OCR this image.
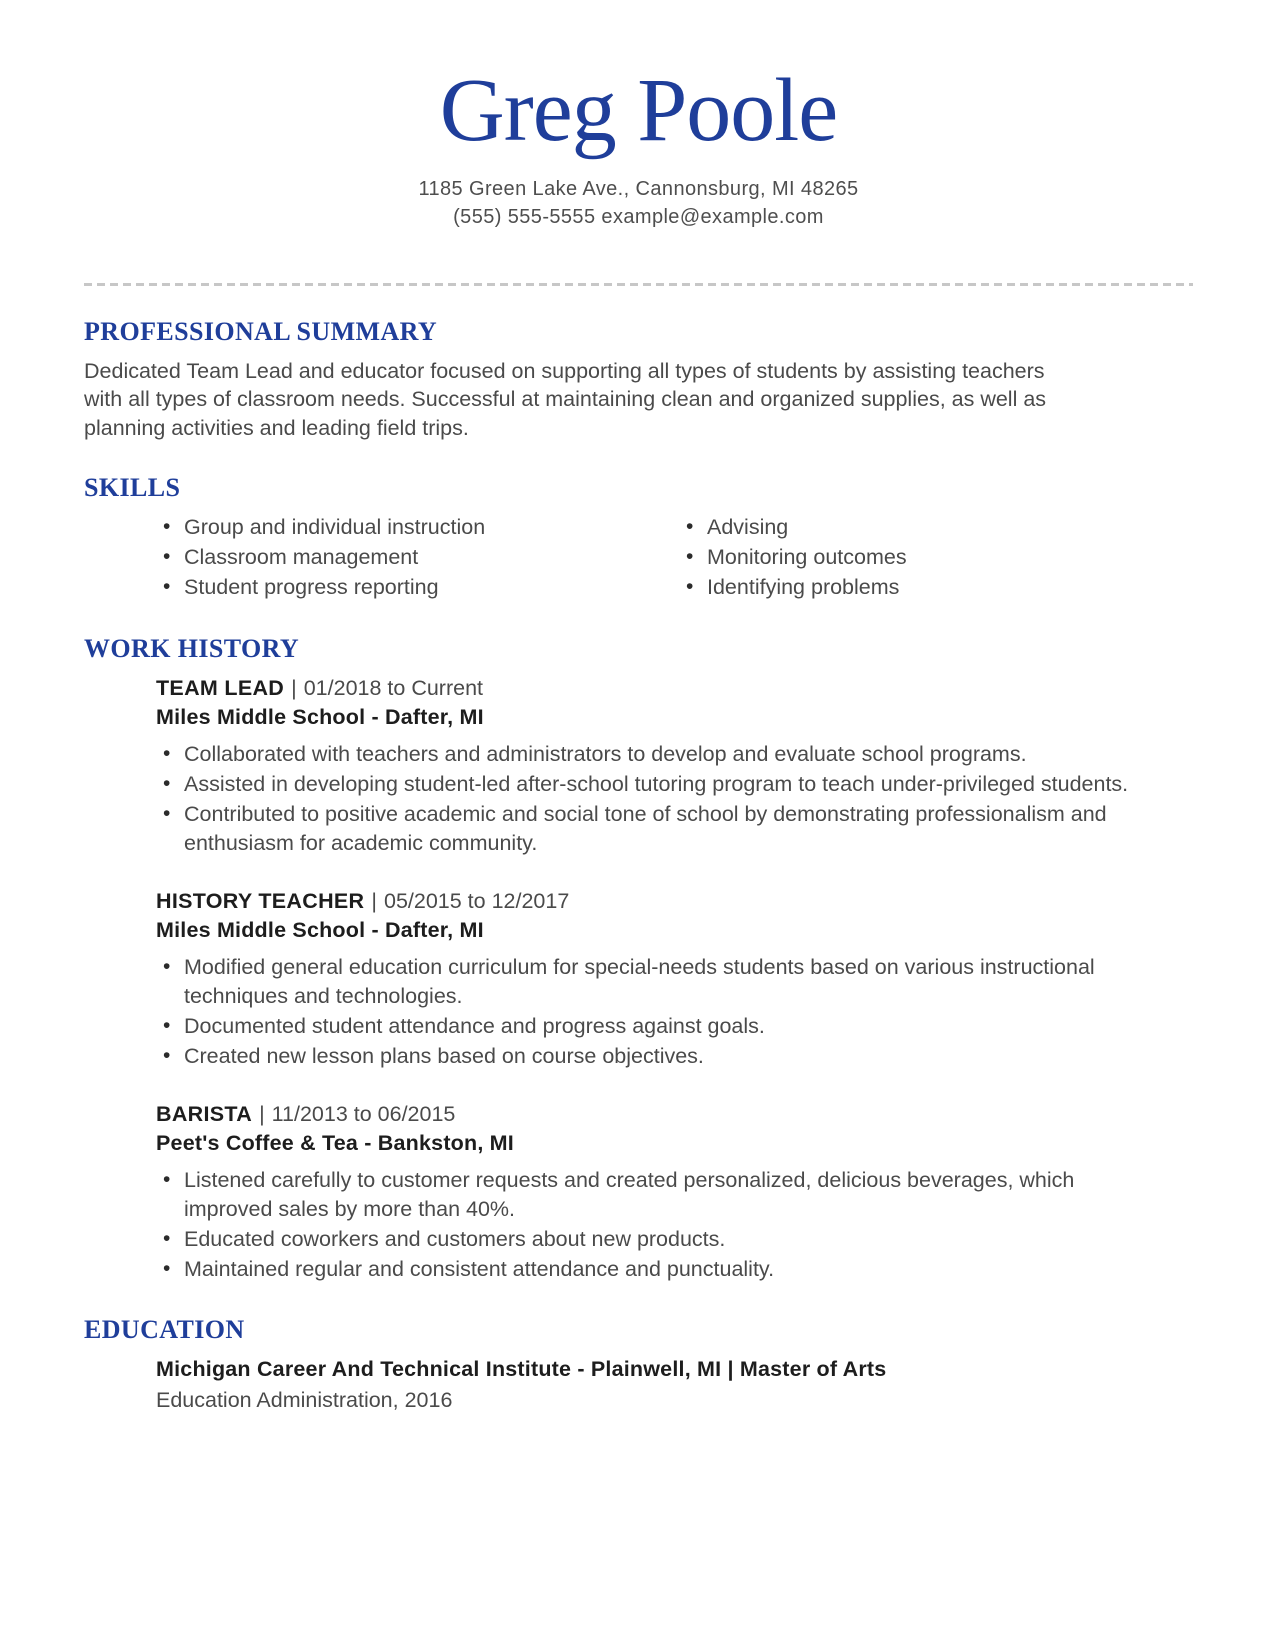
Greg Poole
1185 Green Lake Ave., Cannonsburg, MI 48265
(555) 555-5555 example@example.com
PROFESSIONAL SUMMARY

Dedicated Team Lead and educator focused on supporting all types of students by assisting teachers with all types of classroom needs. Successful at maintaining clean and organized supplies, as well as planning activities and leading field trips.

SKILLS
• Group and individual instruction
• Classroom management
• Student progress reporting
• Advising
• Monitoring outcomes
• Identifying problems
WORK HISTORY
TEAM LEAD | 01/2018 to Current
Miles Middle School - Dafter, MI
• Collaborated with teachers and administrators to develop and evaluate school programs.
• Assisted in developing student-led after-school tutoring program to teach under-privileged students.
• Contributed to positive academic and social tone of school by demonstrating professionalism and enthusiasm for academic community.
HISTORY TEACHER | 05/2015 to 12/2017
Miles Middle School - Dafter, MI
• Modified general education curriculum for special-needs students based on various instructional techniques and technologies.
• Documented student attendance and progress against goals.
• Created new lesson plans based on course objectives.
BARISTA | 11/2013 to 06/2015
Peet's Coffee & Tea - Bankston, MI
• Listened carefully to customer requests and created personalized, delicious beverages, which improved sales by more than 40%.
• Educated coworkers and customers about new products.
• Maintained regular and consistent attendance and punctuality.
EDUCATION
Michigan Career And Technical Institute - Plainwell, MI | Master of Arts
Education Administration, 2016
